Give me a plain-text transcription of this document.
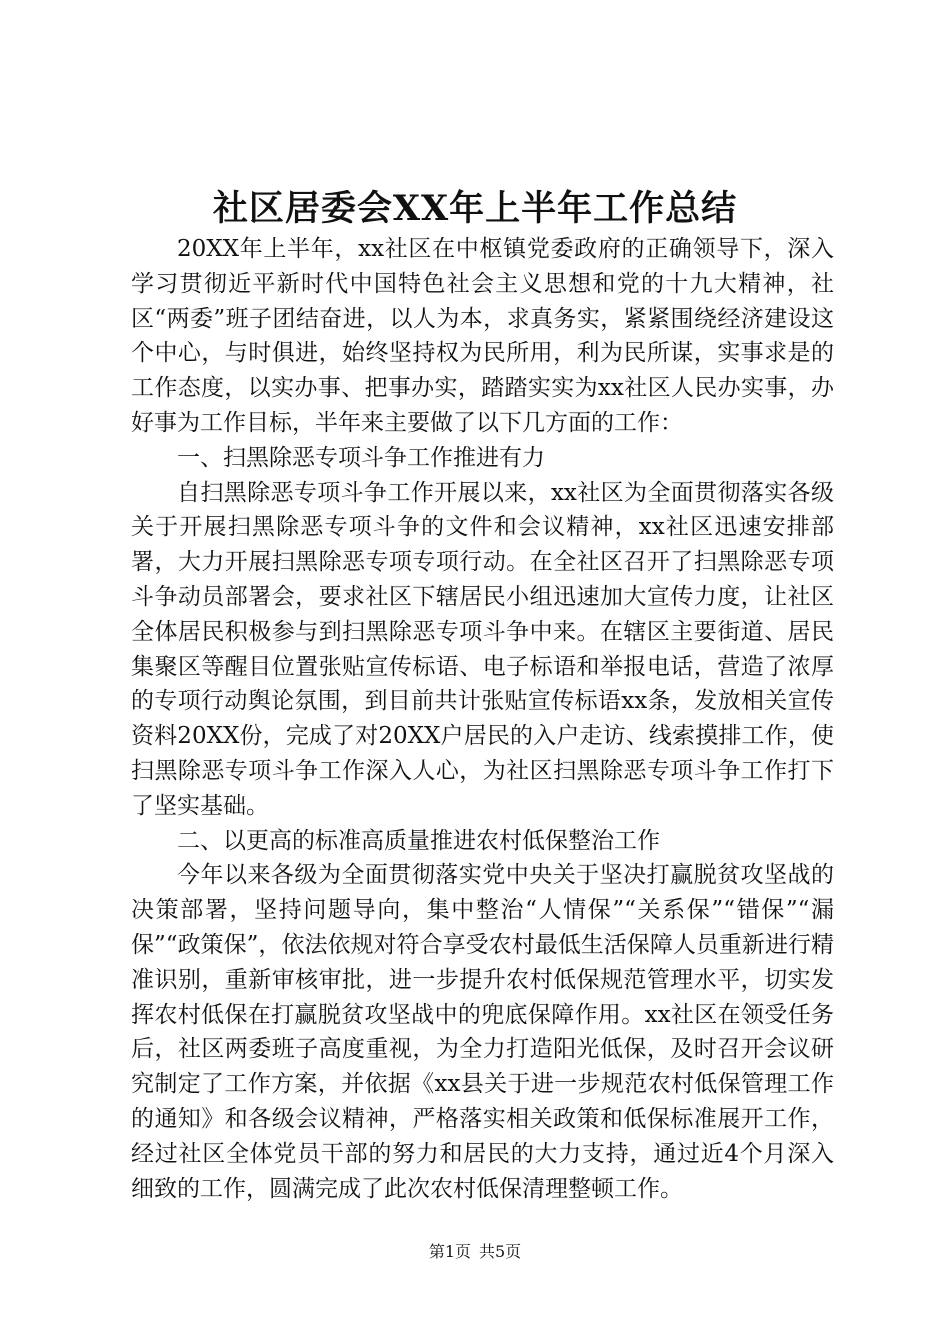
社区居委会XX年上半年工作总结

20XX年上半年，xx社区在中枢镇党委政府的正确领导下，深入学习贯彻近平新时代中国特色社会主义思想和党的十九大精神，社区“两委”班子团结奋进，以人为本，求真务实，紧紧围绕经济建设这个中心，与时俱进，始终坚持权为民所用，利为民所谋，实事求是的工作态度，以实办事、把事办实，踏踏实实为xx社区人民办实事，办好事为工作目标，半年来主要做了以下几方面的工作：

一、扫黑除恶专项斗争工作推进有力

自扫黑除恶专项斗争工作开展以来，xx社区为全面贯彻落实各级关于开展扫黑除恶专项斗争的文件和会议精神，xx社区迅速安排部署，大力开展扫黑除恶专项专项行动。在全社区召开了扫黑除恶专项斗争动员部署会，要求社区下辖居民小组迅速加大宣传力度，让社区全体居民积极参与到扫黑除恶专项斗争中来。在辖区主要街道、居民集聚区等醒目位置张贴宣传标语、电子标语和举报电话，营造了浓厚的专项行动舆论氛围，到目前共计张贴宣传标语xx条，发放相关宣传资料20XX份，完成了对20XX户居民的入户走访、线索摸排工作，使扫黑除恶专项斗争工作深入人心，为社区扫黑除恶专项斗争工作打下了坚实基础。

二、以更高的标准高质量推进农村低保整治工作

今年以来各级为全面贯彻落实党中央关于坚决打赢脱贫攻坚战的决策部署，坚持问题导向，集中整治“人情保”“关系保”“错保”“漏保”“政策保”，依法依规对符合享受农村最低生活保障人员重新进行精准识别，重新审核审批，进一步提升农村低保规范管理水平，切实发挥农村低保在打赢脱贫攻坚战中的兜底保障作用。xx社区在领受任务后，社区两委班子高度重视，为全力打造阳光低保，及时召开会议研究制定了工作方案，并依据《xx县关于进一步规范农村低保管理工作的通知》和各级会议精神，严格落实相关政策和低保标准展开工作，经过社区全体党员干部的努力和居民的大力支持，通过近4个月深入细致的工作，圆满完成了此次农村低保清理整顿工作。

第1页 共5页
